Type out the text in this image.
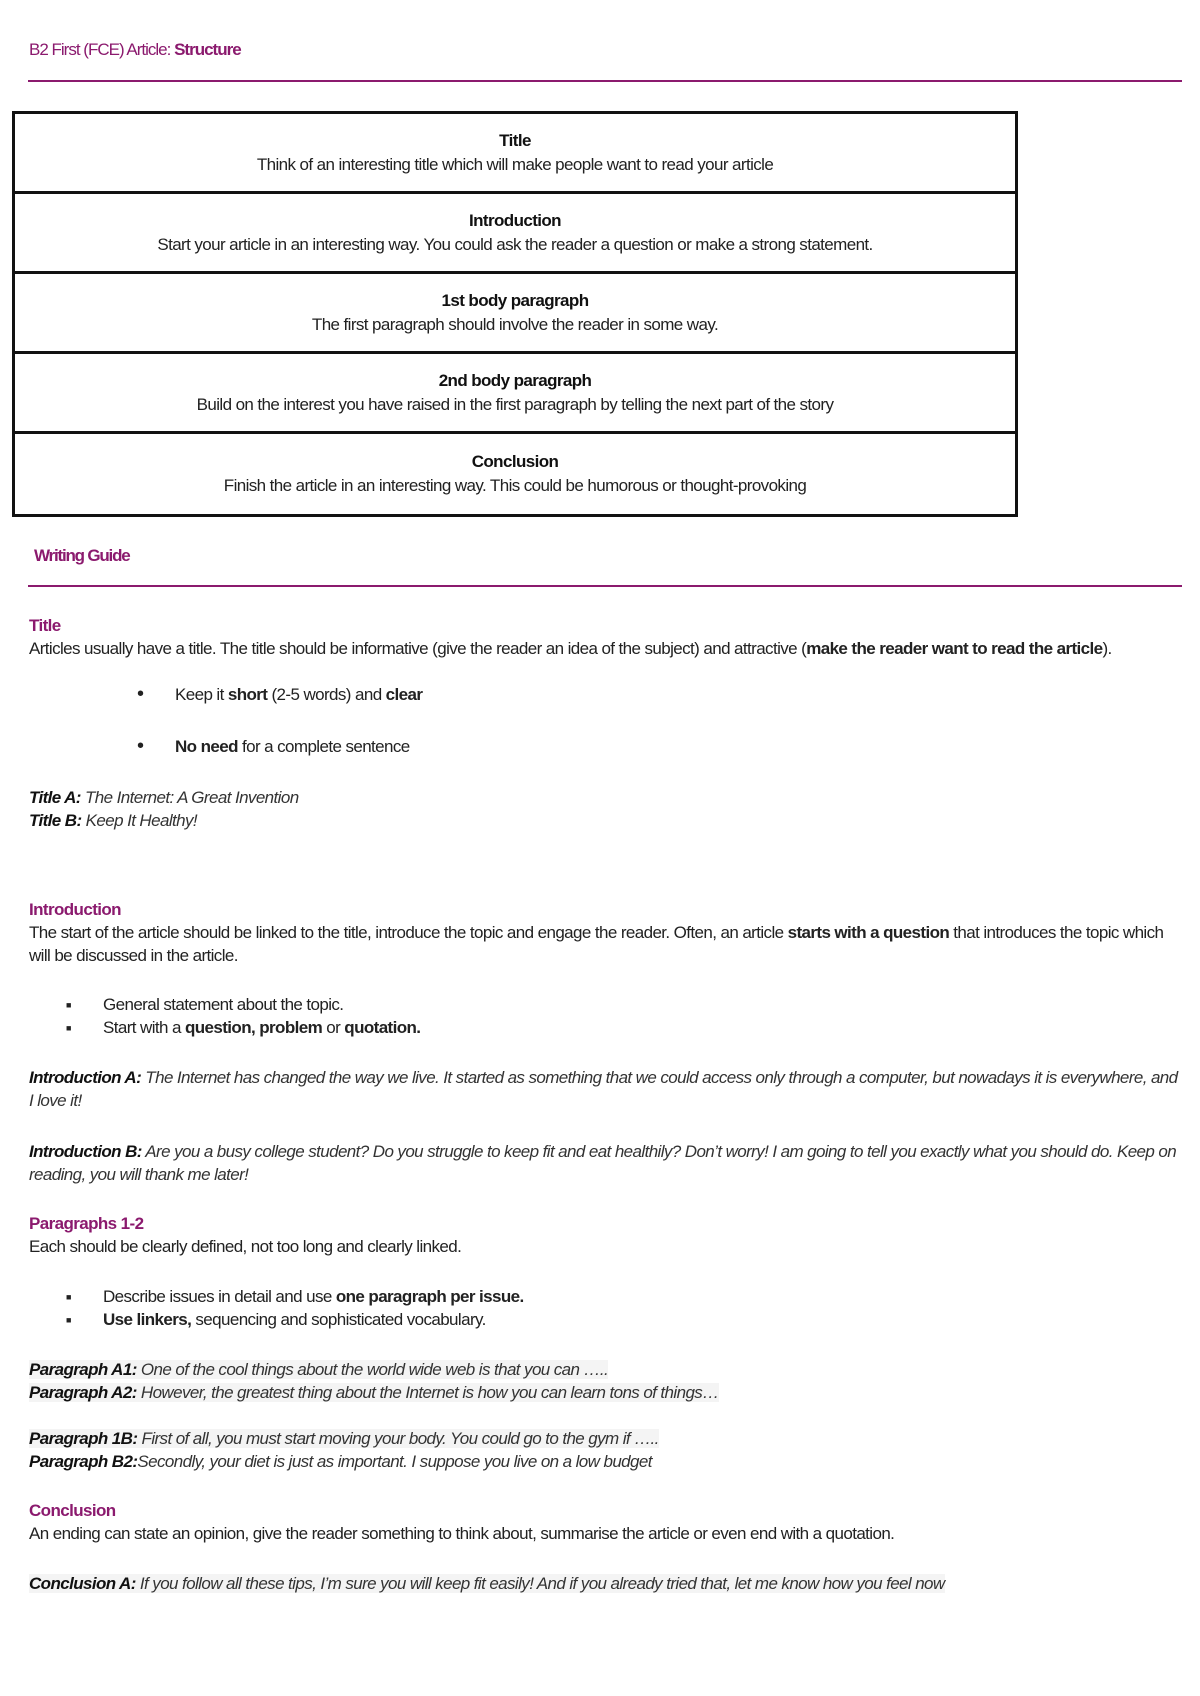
B2 First (FCE) Article: Structure
Title
Think of an interesting title which will make people want to read your article
Introduction
Start your article in an interesting way. You could ask the reader a question or make a strong statement.
1st body paragraph
The first paragraph should involve the reader in some way.
2nd body paragraph
Build on the interest you have raised in the first paragraph by telling the next part of the story
Conclusion
Finish the article in an interesting way. This could be humorous or thought-provoking
Writing Guide
Title

Articles usually have a title. The title should be informative (give the reader an idea of the subject) and attractive (make the reader want to read the article).

• Keep it short (2-5 words) and clear
• No need for a complete sentence

Title A: The Internet: A Great Invention

Title B: Keep It Healthy!

Introduction

The start of the article should be linked to the title, introduce the topic and engage the reader. Often, an article starts with a question that introduces the topic which will be discussed in the article.

■ General statement about the topic.
■ Start with a question, problem or quotation.

Introduction A: The Internet has changed the way we live. It started as something that we could access only through a computer, but nowadays it is everywhere, and I love it!

Introduction B: Are you a busy college student? Do you struggle to keep fit and eat healthily? Don’t worry! I am going to tell you exactly what you should do. Keep on reading, you will thank me later!

Paragraphs 1-2

Each should be clearly defined, not too long and clearly linked.

■ Describe issues in detail and use one paragraph per issue.
■ Use linkers, sequencing and sophisticated vocabulary.

Paragraph A1: One of the cool things about the world wide web is that you can …..

Paragraph A2: However, the greatest thing about the Internet is how you can learn tons of things…

Paragraph 1B: First of all, you must start moving your body. You could go to the gym if …..

Paragraph B2:Secondly, your diet is just as important. I suppose you live on a low budget

Conclusion

An ending can state an opinion, give the reader something to think about, summarise the article or even end with a quotation.

Conclusion A: If you follow all these tips, I’m sure you will keep fit easily! And if you already tried that, let me know how you feel now
